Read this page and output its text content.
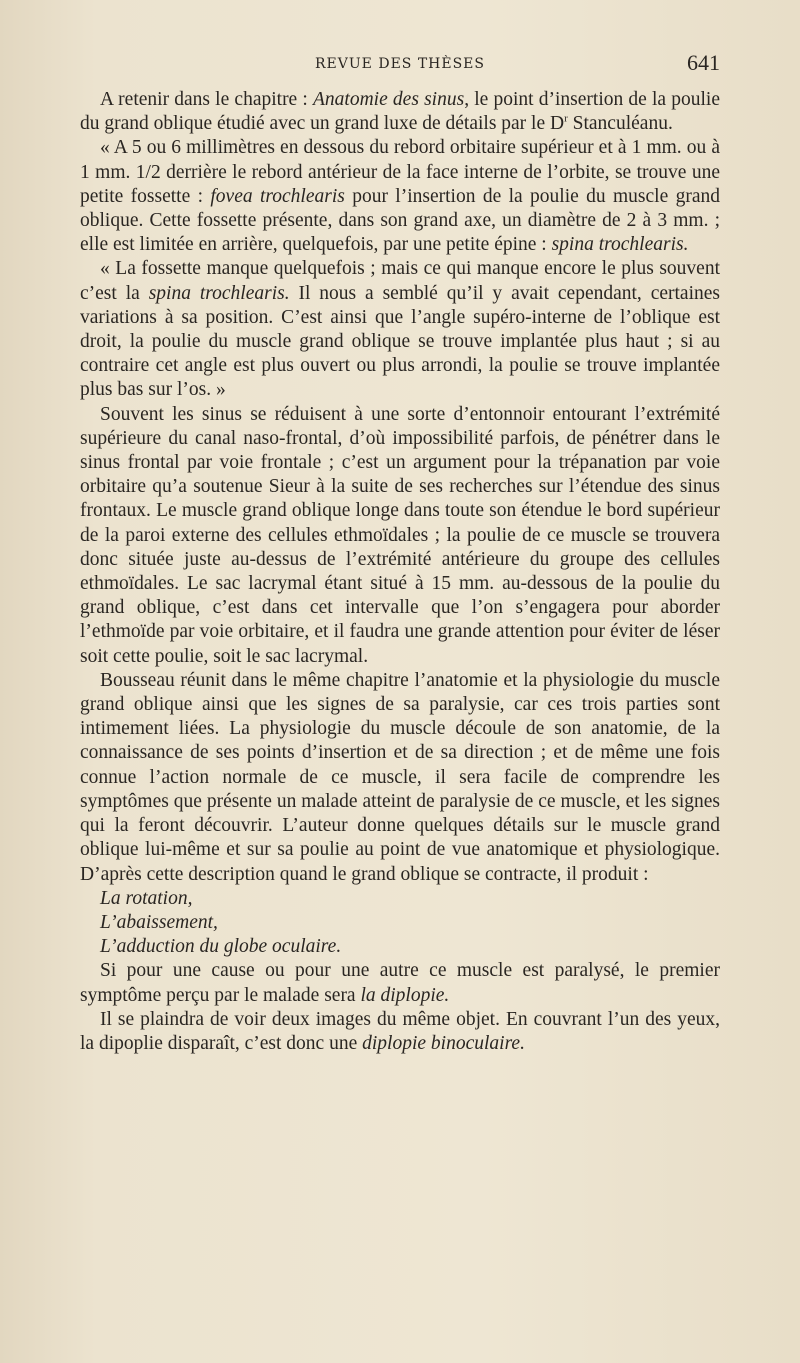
REVUE DES THÈSES	641

A retenir dans le chapitre : Anatomie des sinus, le point d’insertion de la poulie du grand oblique étudié avec un grand luxe de détails par le $D^r$ Stanculéanu.

« A 5 ou 6 millimètres en dessous du rebord orbitaire supérieur et à 1 mm. ou à 1 mm. 1/2 derrière le rebord antérieur de la face interne de l’orbite, se trouve une petite fossette : fovea trochlearis pour l’insertion de la poulie du muscle grand oblique. Cette fossette présente, dans son grand axe, un diamètre de 2 à 3 mm. ; elle est limitée en arrière, quelquefois, par une petite épine : spina trochlearis.

« La fossette manque quelquefois ; mais ce qui manque encore le plus souvent c’est la spina trochlearis. Il nous a semblé qu’il y avait cependant, certaines variations à sa position. C’est ainsi que l’angle supéro-interne de l’oblique est droit, la poulie du muscle grand oblique se trouve implantée plus haut ; si au contraire cet angle est plus ouvert ou plus arrondi, la poulie se trouve implantée plus bas sur l’os. »

Souvent les sinus se réduisent à une sorte d’entonnoir entourant l’extrémité supérieure du canal naso-frontal, d’où impossibilité parfois, de pénétrer dans le sinus frontal par voie frontale ; c’est un argument pour la trépanation par voie orbitaire qu’a soutenue Sieur à la suite de ses recherches sur l’étendue des sinus frontaux. Le muscle grand oblique longe dans toute son étendue le bord supérieur de la paroi externe des cellules ethmoïdales ; la poulie de ce muscle se trouvera donc située juste au-dessus de l’extrémité antérieure du groupe des cellules ethmoïdales. Le sac lacrymal étant situé à 15 mm. au-dessous de la poulie du grand oblique, c’est dans cet intervalle que l’on s’engagera pour aborder l’ethmoïde par voie orbitaire, et il faudra une grande attention pour éviter de léser soit cette poulie, soit le sac lacrymal.

Bousseau réunit dans le même chapitre l’anatomie et la physiologie du muscle grand oblique ainsi que les signes de sa paralysie, car ces trois parties sont intimement liées. La physiologie du muscle découle de son anatomie, de la connaissance de ses points d’insertion et de sa direction ; et de même une fois connue l’action normale de ce muscle, il sera facile de comprendre les symptômes que présente un malade atteint de paralysie de ce muscle, et les signes qui la feront découvrir. L’auteur donne quelques détails sur le muscle grand oblique lui-même et sur sa poulie au point de vue anatomique et physiologique. D’après cette description quand le grand oblique se contracte, il produit :

La rotation,

L’abaissement,

L’adduction du globe oculaire.

Si pour une cause ou pour une autre ce muscle est paralysé, le premier symptôme perçu par le malade sera la diplopie.

Il se plaindra de voir deux images du même objet. En couvrant l’un des yeux, la dipoplie disparaît, c’est donc une diplopie binoculaire.
